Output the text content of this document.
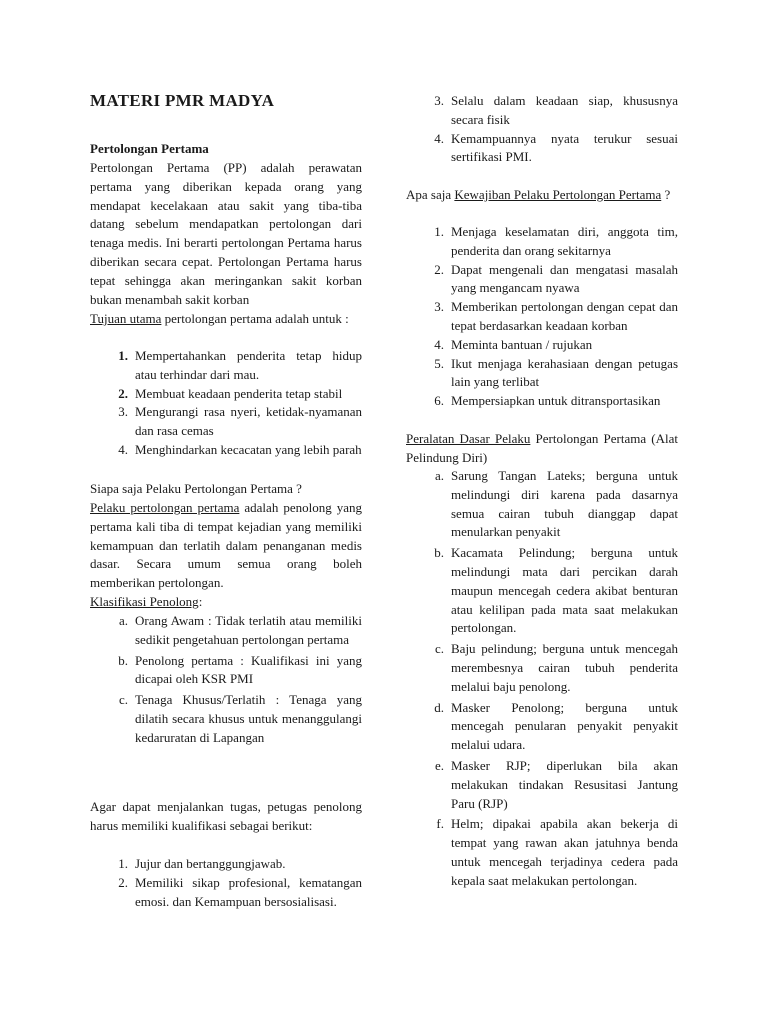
MATERI PMR MADYA
Pertolongan Pertama
Pertolongan Pertama (PP) adalah perawatan pertama yang diberikan kepada orang yang mendapat kecelakaan atau sakit yang tiba-tiba datang sebelum mendapatkan pertolongan dari tenaga medis. Ini berarti pertolongan Pertama harus diberikan secara cepat. Pertolongan Pertama harus tepat sehingga akan meringankan sakit korban bukan menambah sakit korban
Tujuan utama pertolongan pertama adalah untuk :
1. Mempertahankan penderita tetap hidup atau terhindar dari mau.
2. Membuat keadaan penderita tetap stabil
3. Mengurangi rasa nyeri, ketidak-nyamanan dan rasa cemas
4. Menghindarkan kecacatan yang lebih parah
Siapa saja Pelaku Pertolongan Pertama ?
Pelaku pertolongan pertama adalah penolong yang pertama kali tiba di tempat kejadian yang memiliki kemampuan dan terlatih dalam penanganan medis dasar. Secara umum semua orang boleh memberikan pertolongan.
Klasifikasi Penolong:
a. Orang Awam : Tidak terlatih atau memiliki sedikit pengetahuan pertolongan pertama
b. Penolong pertama : Kualifikasi ini yang dicapai oleh KSR PMI
c. Tenaga Khusus/Terlatih : Tenaga yang dilatih secara khusus untuk menanggulangi kedaruratan di Lapangan
Agar dapat menjalankan tugas, petugas penolong harus memiliki kualifikasi sebagai berikut:
1. Jujur dan bertanggungjawab.
2. Memiliki sikap profesional, kematangan emosi. dan Kemampuan bersosialisasi.
3. Selalu dalam keadaan siap, khususnya secara fisik
4. Kemampuannya nyata terukur sesuai sertifikasi PMI.
Apa saja Kewajiban Pelaku Pertolongan Pertama ?
1. Menjaga keselamatan diri, anggota tim, penderita dan orang sekitarnya
2. Dapat mengenali dan mengatasi masalah yang mengancam nyawa
3. Memberikan pertolongan dengan cepat dan tepat berdasarkan keadaan korban
4. Meminta bantuan / rujukan
5. Ikut menjaga kerahasiaan dengan petugas lain yang terlibat
6. Mempersiapkan untuk ditransportasikan
Peralatan Dasar Pelaku Pertolongan Pertama (Alat Pelindung Diri)
a. Sarung Tangan Lateks; berguna untuk melindungi diri karena pada dasarnya semua cairan tubuh dianggap dapat menularkan penyakit
b. Kacamata Pelindung; berguna untuk melindungi mata dari percikan darah maupun mencegah cedera akibat benturan atau kelilipan pada mata saat melakukan pertolongan.
c. Baju pelindung; berguna untuk mencegah merembesnya cairan tubuh penderita melalui baju penolong.
d. Masker Penolong; berguna untuk mencegah penularan penyakit penyakit melalui udara.
e. Masker RJP; diperlukan bila akan melakukan tindakan Resusitasi Jantung Paru (RJP)
f. Helm; dipakai apabila akan bekerja di tempat yang rawan akan jatuhnya benda untuk mencegah terjadinya cedera pada kepala saat melakukan pertolongan.
